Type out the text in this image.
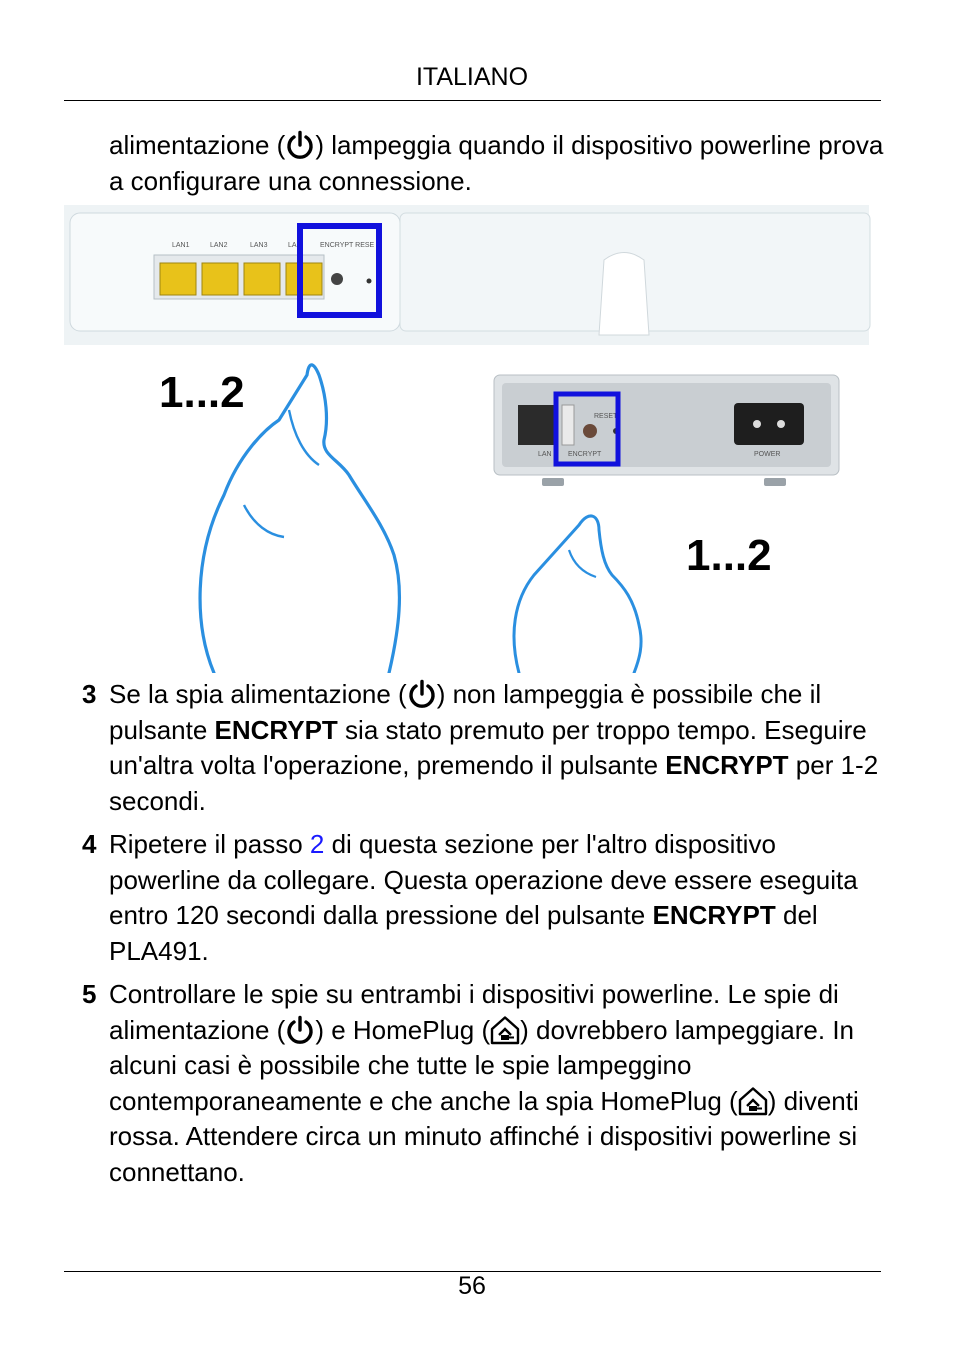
ITALIANO
alimentazione ( ) lampeggia quando il dispositivo powerline prova a configurare una connessione.
LAN1	LAN2	LAN3	LA	ENCRYPT RESE
1...2
LAN ENCRYPT
RESET
POWER
1...2
3 Se la spia alimentazione ( ) non lampeggia è possibile che il pulsante ENCRYPT sia stato premuto per troppo tempo. Eseguire un'altra volta l'operazione, premendo il pulsante ENCRYPT per 1-2 secondi.
4 Ripetere il passo 2 di questa sezione per l'altro dispositivo powerline da collegare. Questa operazione deve essere eseguita entro 120 secondi dalla pressione del pulsante ENCRYPT del PLA491.
5 Controllare le spie su entrambi i dispositivi powerline. Le spie di alimentazione ( ) e HomePlug ( ) dovrebbero lampeggiare. In alcuni casi è possibile che tutte le spie lampeggino contemporaneamente e che anche la spia HomePlug ( ) diventi rossa. Attendere circa un minuto affinché i dispositivi powerline si connettano.
56
